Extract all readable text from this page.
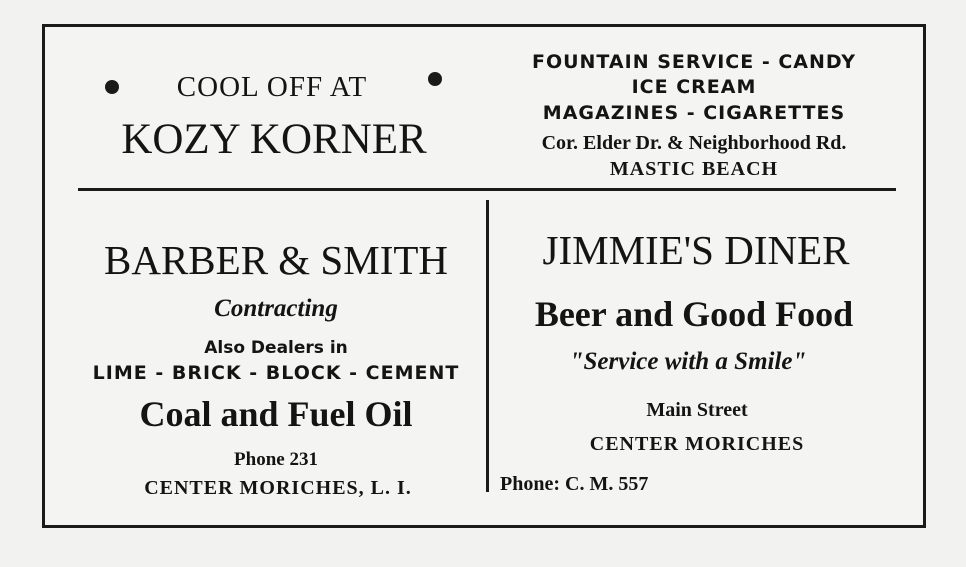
COOL OFF AT
KOZY KORNER
FOUNTAIN SERVICE - CANDY
ICE CREAM
MAGAZINES - CIGARETTES
Cor. Elder Dr. & Neighborhood Rd.
MASTIC BEACH
BARBER & SMITH
Contracting
Also Dealers in
LIME - BRICK - BLOCK - CEMENT
Coal and Fuel Oil
Phone 231
CENTER MORICHES, L. I.
JIMMIE'S DINER
Beer and Good Food
"Service with a Smile"
Main Street
CENTER MORICHES
Phone: C. M. 557
